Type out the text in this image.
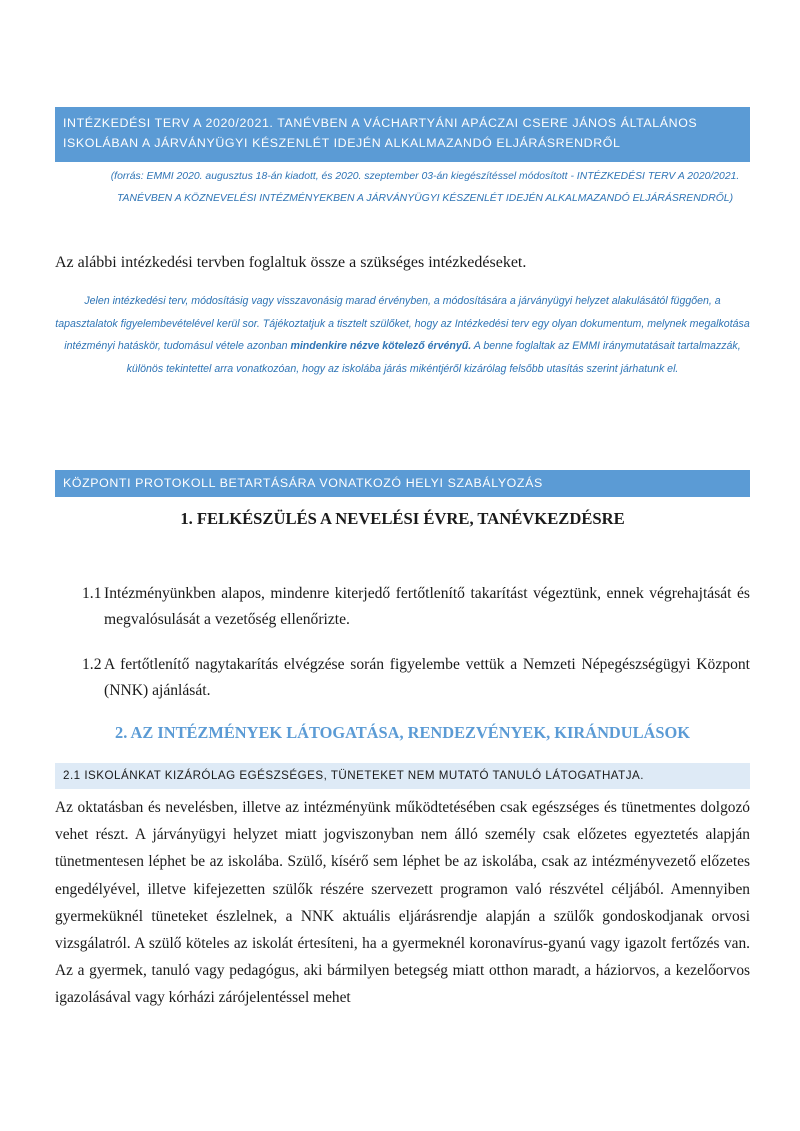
INTÉZKEDÉSI TERV A 2020/2021. TANÉVBEN A VÁCHARTYÁNI APÁCZAI CSERE JÁNOS ÁLTALÁNOS ISKOLÁBAN A JÁRVÁNYÜGYI KÉSZENLÉT IDEJÉN ALKALMAZANDÓ ELJÁRÁSRENDRŐL
(forrás: EMMI 2020. augusztus 18-án kiadott, és 2020. szeptember 03-án kiegészítéssel módosított - INTÉZKEDÉSI TERV A 2020/2021. TANÉVBEN A KÖZNEVELÉSI INTÉZMÉNYEKBEN A JÁRVÁNYÜGYI KÉSZENLÉT IDEJÉN ALKALMAZANDÓ ELJÁRÁSRENDRŐL)
Az alábbi intézkedési tervben foglaltuk össze a szükséges intézkedéseket.
Jelen intézkedési terv, módosításig vagy visszavonásig marad érvényben, a módosítására a járványügyi helyzet alakulásától függően, a tapasztalatok figyelembevételével kerül sor. Tájékoztatjuk a tisztelt szülőket, hogy az Intézkedési terv egy olyan dokumentum, melynek megalkotása intézményi hatáskör, tudomásul vétele azonban mindenkire nézve kötelező érvényű. A benne foglaltak az EMMI iránymutatásait tartalmazzák, különös tekintettel arra vonatkozóan, hogy az iskolába járás mikéntjéről kizárólag felsőbb utasítás szerint járhatunk el.
KÖZPONTI PROTOKOLL BETARTÁSÁRA VONATKOZÓ HELYI SZABÁLYOZÁS
1. FELKÉSZÜLÉS A NEVELÉSI ÉVRE, TANÉVKEZDÉSRE
1.1 Intézményünkben alapos, mindenre kiterjedő fertőtlenítő takarítást végeztünk, ennek végrehajtását és megvalósulását a vezetőség ellenőrizte.
1.2 A fertőtlenítő nagytakarítás elvégzése során figyelembe vettük a Nemzeti Népegészségügyi Központ (NNK) ajánlását.
2. AZ INTÉZMÉNYEK LÁTOGATÁSA, RENDEZVÉNYEK, KIRÁNDULÁSOK
2.1 ISKOLÁNKAT KIZÁRÓLAG EGÉSZSÉGES, TÜNETEKET NEM MUTATÓ TANULÓ LÁTOGATHATJA.
Az oktatásban és nevelésben, illetve az intézményünk működtetésében csak egészséges és tünetmentes dolgozó vehet részt. A járványügyi helyzet miatt jogviszonyban nem álló személy csak előzetes egyeztetés alapján tünetmentesen léphet be az iskolába. Szülő, kísérő sem léphet be az iskolába, csak az intézményvezető előzetes engedélyével, illetve kifejezetten szülők részére szervezett programon való részvétel céljából. Amennyiben gyermeküknél tüneteket észlelnek, a NNK aktuális eljárásrendje alapján a szülők gondoskodjanak orvosi vizsgálatról. A szülő köteles az iskolát értesíteni, ha a gyermeknél koronavírus-gyanú vagy igazolt fertőzés van. Az a gyermek, tanuló vagy pedagógus, aki bármilyen betegség miatt otthon maradt, a háziorvos, a kezelőorvos igazolásával vagy kórházi zárójelentéssel mehet
